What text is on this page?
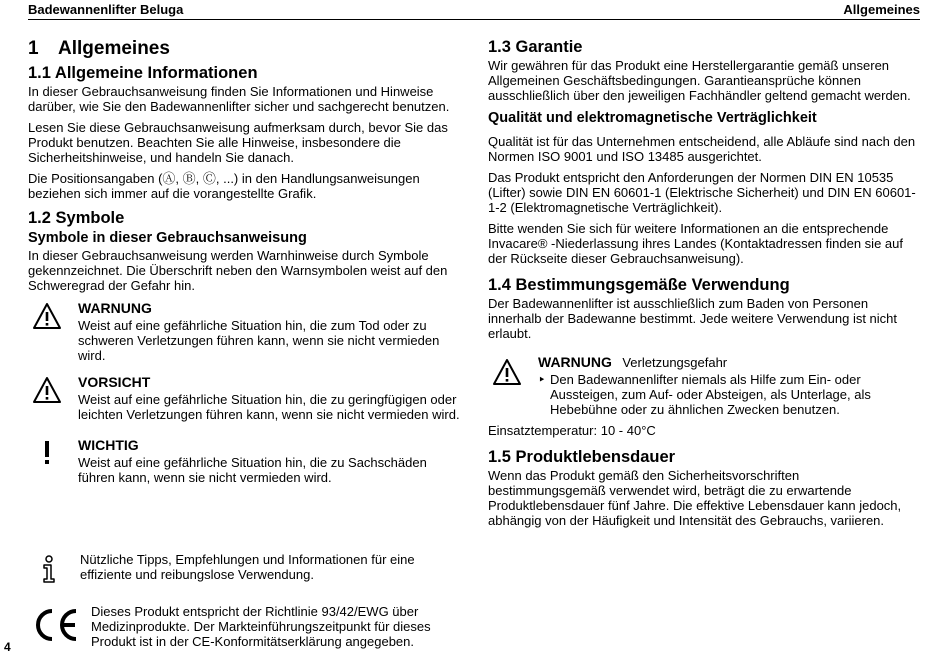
Badewannenlifter Beluga	Allgemeines
1 Allgemeines
1.1 Allgemeine Informationen

In dieser Gebrauchsanweisung finden Sie Informationen und Hinweise darüber, wie Sie den Badewannenlifter sicher und sachgerecht benutzen.

Lesen Sie diese Gebrauchsanweisung aufmerksam durch, bevor Sie das Produkt benutzen. Beachten Sie alle Hinweise, insbesondere die Sicherheitshinweise, und handeln Sie danach.

Die Positionsangaben (Ⓐ, Ⓑ, Ⓒ, ...) in den Handlungsanweisungen beziehen sich immer auf die vorangestellte Grafik.

1.2 Symbole
Symbole in dieser Gebrauchsanweisung

In dieser Gebrauchsanweisung werden Warnhinweise durch Symbole gekennzeichnet. Die Überschrift neben den Warnsymbolen weist auf den Schweregrad der Gefahr hin.

WARNUNG

Weist auf eine gefährliche Situation hin, die zum Tod oder zu schweren Verletzungen führen kann, wenn sie nicht vermieden wird.

VORSICHT

Weist auf eine gefährliche Situation hin, die zu geringfügigen oder leichten Verletzungen führen kann, wenn sie nicht vermieden wird.

WICHTIG

Weist auf eine gefährliche Situation hin, die zu Sachschäden führen kann, wenn sie nicht vermieden wird.

Nützliche Tipps, Empfehlungen und Informationen für eine effiziente und reibungslose Verwendung.

Dieses Produkt entspricht der Richtlinie 93/42/EWG über Medizinprodukte. Der Markteinführungszeitpunkt für dieses Produkt ist in der CE-Konformitätserklärung angegeben.

4
1.3 Garantie

Wir gewähren für das Produkt eine Herstellergarantie gemäß unseren Allgemeinen Geschäftsbedingungen. Garantieansprüche können ausschließlich über den jeweiligen Fachhändler geltend gemacht werden.

Qualität und elektromagnetische Verträglichkeit

Qualität ist für das Unternehmen entscheidend, alle Abläufe sind nach den Normen ISO 9001 und ISO 13485 ausgerichtet.

Das Produkt entspricht den Anforderungen der Normen DIN EN 10535 (Lifter) sowie DIN EN 60601-1 (Elektrische Sicherheit) und DIN EN 60601-1-2 (Elektromagnetische Verträglichkeit).

Bitte wenden Sie sich für weitere Informationen an die entsprechende Invacare® -Niederlassung ihres Landes (Kontaktadressen finden sie auf der Rückseite dieser Gebrauchsanweisung).

1.4 Bestimmungsgemäße Verwendung

Der Badewannenlifter ist ausschließlich zum Baden von Personen innerhalb der Badewanne bestimmt. Jede weitere Verwendung ist nicht erlaubt.

WARNUNG Verletzungsgefahr

‣ Den Badewannenlifter niemals als Hilfe zum Ein- oder Aussteigen, zum Auf- oder Absteigen, als Unterlage, als Hebebühne oder zu ähnlichen Zwecken benutzen.

Einsatztemperatur: 10 - 40°C

1.5 Produktlebensdauer

Wenn das Produkt gemäß den Sicherheitsvorschriften bestimmungsgemäß verwendet wird, beträgt die zu erwartende Produktlebensdauer fünf Jahre. Die effektive Lebensdauer kann jedoch, abhängig von der Häufigkeit und Intensität des Gebrauchs, variieren.
